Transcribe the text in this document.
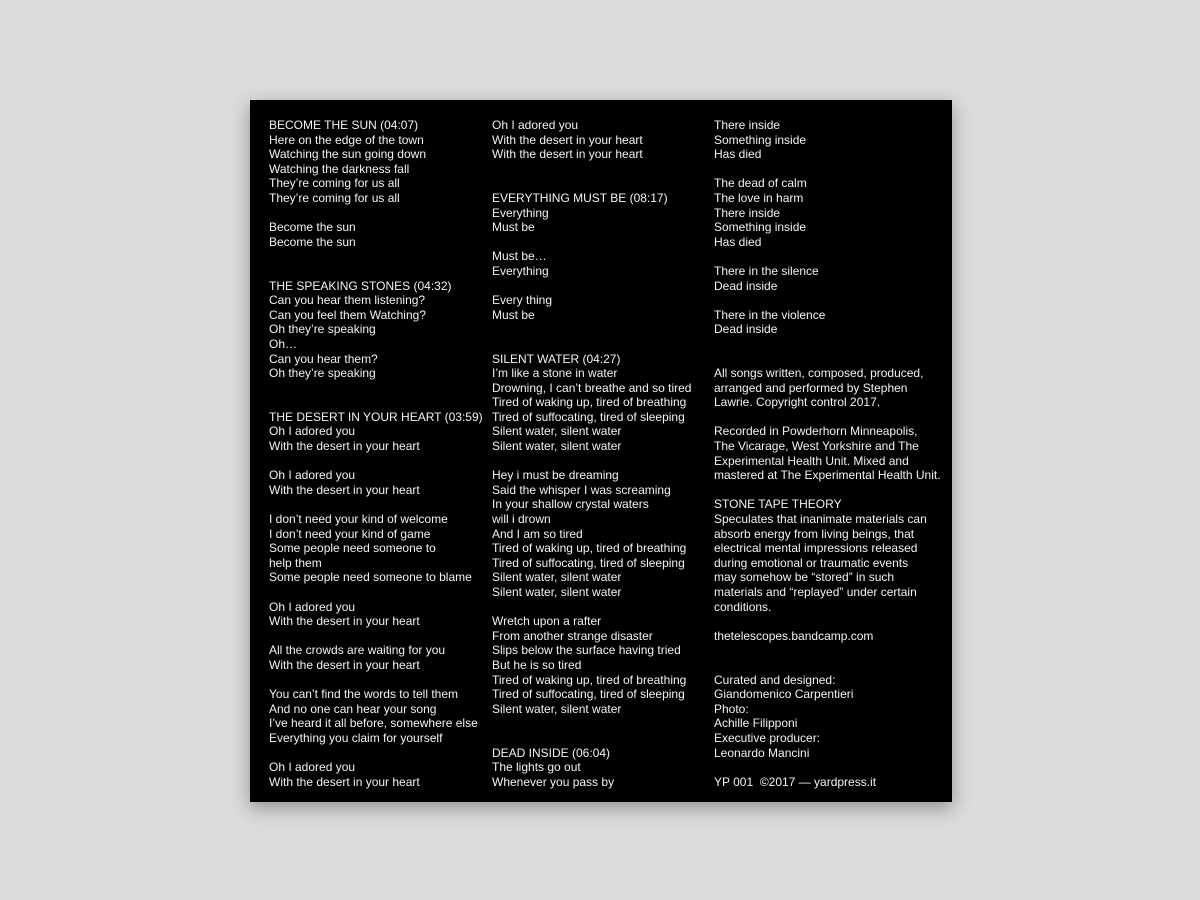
BECOME THE SUN (04:07)
Here on the edge of the town
Watching the sun going down
Watching the darkness fall
They’re coming for us all
They’re coming for us all
Become the sun
Become the sun
THE SPEAKING STONES (04:32)
Can you hear them listening?
Can you feel them Watching?
Oh they’re speaking
Oh…
Can you hear them?
Oh they’re speaking
THE DESERT IN YOUR HEART (03:59)
Oh I adored you
With the desert in your heart
Oh I adored you
With the desert in your heart
I don’t need your kind of welcome
I don’t need your kind of game
Some people need someone to
help them
Some people need someone to blame
Oh I adored you
With the desert in your heart
All the crowds are waiting for you
With the desert in your heart
You can’t find the words to tell them
And no one can hear your song
I’ve heard it all before, somewhere else
Everything you claim for yourself
Oh I adored you
With the desert in your heart
Oh I adored you
With the desert in your heart
With the desert in your heart
EVERYTHING MUST BE (08:17)
Everything
Must be
Must be…
Everything
Every thing
Must be
SILENT WATER (04:27)
I’m like a stone in water
Drowning, I can’t breathe and so tired
Tired of waking up, tired of breathing
Tired of suffocating, tired of sleeping
Silent water, silent water
Silent water, silent water
Hey i must be dreaming
Said the whisper I was screaming
In your shallow crystal waters
will i drown
And I am so tired
Tired of waking up, tired of breathing
Tired of suffocating, tired of sleeping
Silent water, silent water
Silent water, silent water
Wretch upon a rafter
From another strange disaster
Slips below the surface having tried
But he is so tired
Tired of waking up, tired of breathing
Tired of suffocating, tired of sleeping
Silent water, silent water
DEAD INSIDE (06:04)
The lights go out
Whenever you pass by
There inside
Something inside
Has died
The dead of calm
The love in harm
There inside
Something inside
Has died
There in the silence
Dead inside
There in the violence
Dead inside
All songs written, composed, produced,
arranged and performed by Stephen
Lawrie. Copyright control 2017.
Recorded in Powderhorn Minneapolis,
The Vicarage, West Yorkshire and The
Experimental Health Unit. Mixed and
mastered at The Experimental Health Unit.
STONE TAPE THEORY
Speculates that inanimate materials can
absorb energy from living beings, that
electrical mental impressions released
during emotional or traumatic events
may somehow be “stored” in such
materials and “replayed” under certain
conditions.
thetelescopes.bandcamp.com
Curated and designed:
Giandomenico Carpentieri
Photo:
Achille Filipponi
Executive producer:
Leonardo Mancini
YP 001  ©2017 — yardpress.it
